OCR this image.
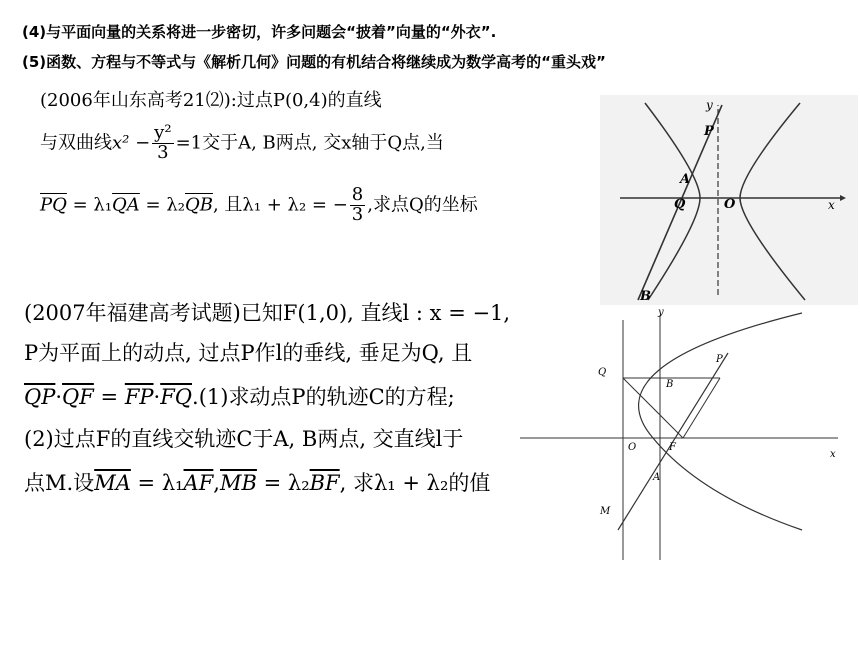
(4)与平面向量的关系将进一步密切，许多问题会“披着”向量的“外衣”.
(5)函数、方程与不等式与《解析几何》问题的有机结合将继续成为数学高考的“重头戏”
(2006年山东高考21⑵):过点P(0,4)的直线
与双曲线$x^2 - \frac{\text{y²}}{3} =1$交于A, B两点, 交x轴于Q点,当
$\overline{PQ} = \lambda_1\overline{QA} = \lambda_2\overline{QB}$, 且λ₁ + λ₂ = − $\frac{8}{3}$ ,求点Q的坐标
y
P
A
Q	O	x
B
(2007年福建高考试题)已知F(1,0), 直线l : x = −1,
P为平面上的动点, 过点P作l的垂线, 垂足为Q, 且
$\overline{QP}\cdot\overline{QF} = \overline{FP}\cdot\overline{FQ}.(1)$求动点P的轨迹C的方程;
(2)过点F的直线交轨迹C于A, B两点, 交直线l于
点M.设$\overline{MA} = \lambda_1\overline{AF},\overline{MB} = \lambda_2\overline{BF}$, 求λ₁ + λ₂的值
y
P
Q
B
O	F
x
A
M
